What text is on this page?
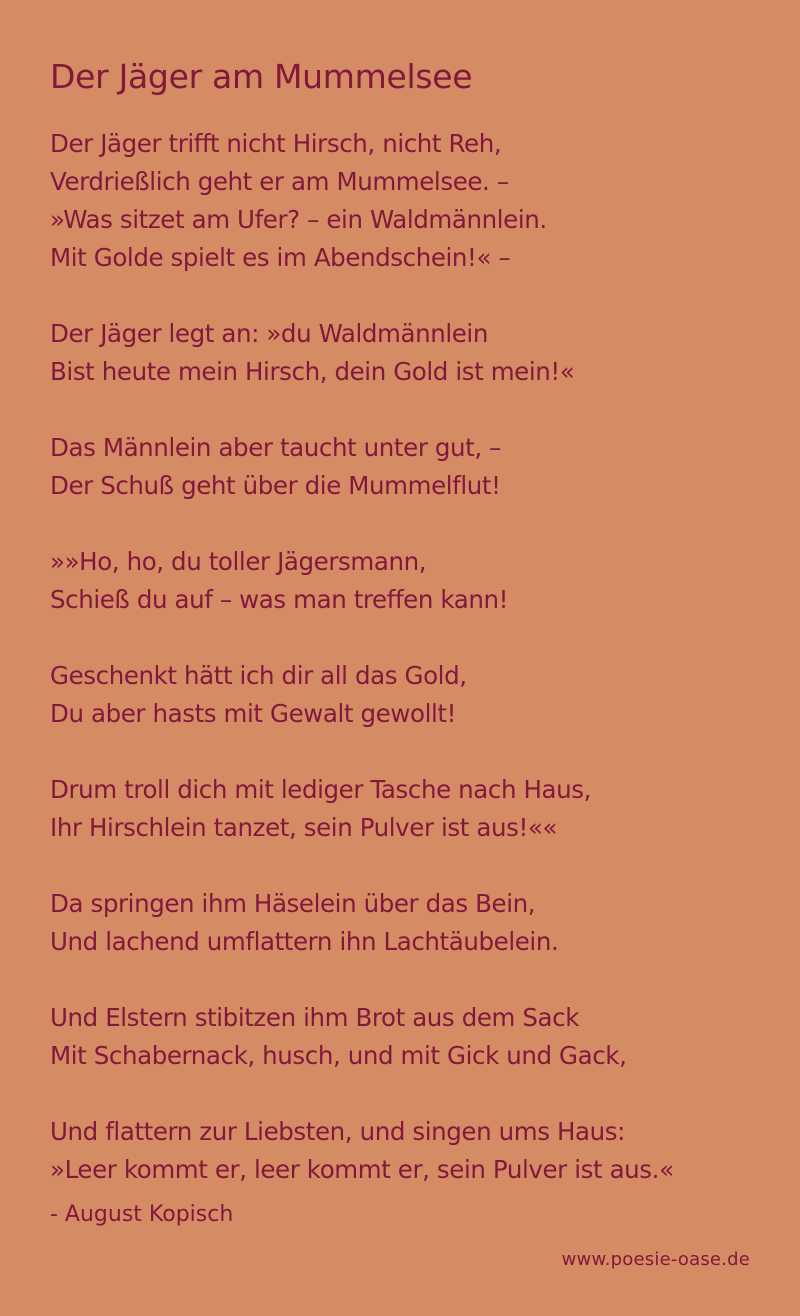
Der Jäger am Mummelsee
Der Jäger trifft nicht Hirsch, nicht Reh,
Verdrießlich geht er am Mummelsee. –
»Was sitzet am Ufer? – ein Waldmännlein.
Mit Golde spielt es im Abendschein!« –
Der Jäger legt an: »du Waldmännlein
Bist heute mein Hirsch, dein Gold ist mein!«
Das Männlein aber taucht unter gut, –
Der Schuß geht über die Mummelflut!
»»Ho, ho, du toller Jägersmann,
Schieß du auf – was man treffen kann!
Geschenkt hätt ich dir all das Gold,
Du aber hasts mit Gewalt gewollt!
Drum troll dich mit lediger Tasche nach Haus,
Ihr Hirschlein tanzet, sein Pulver ist aus!««
Da springen ihm Häselein über das Bein,
Und lachend umflattern ihn Lachtäubelein.
Und Elstern stibitzen ihm Brot aus dem Sack
Mit Schabernack, husch, und mit Gick und Gack,
Und flattern zur Liebsten, und singen ums Haus:
»Leer kommt er, leer kommt er, sein Pulver ist aus.«
- August Kopisch
www.poesie-oase.de
